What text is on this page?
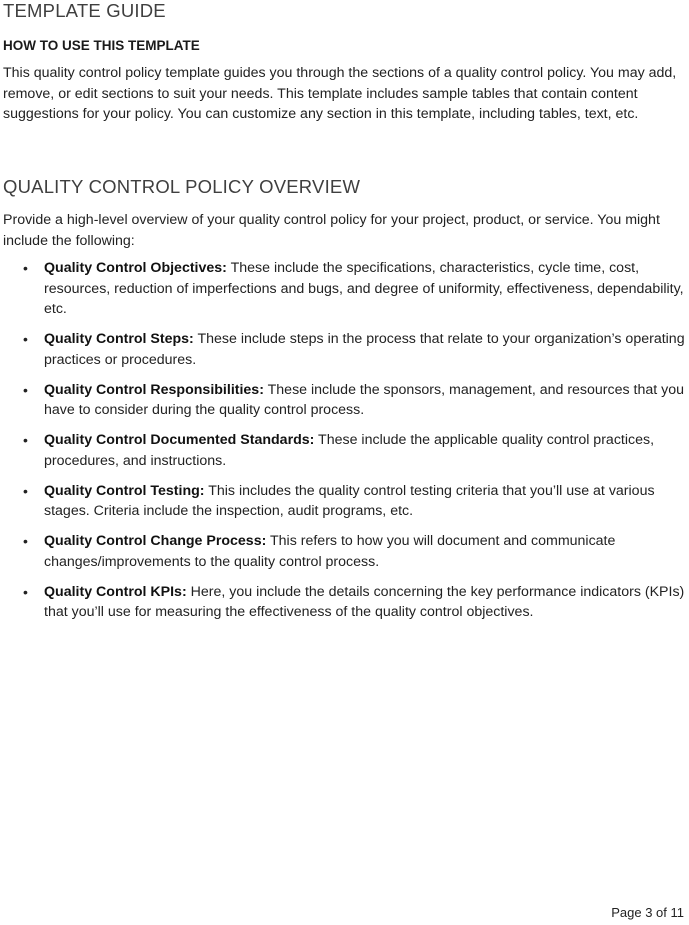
TEMPLATE GUIDE
HOW TO USE THIS TEMPLATE
This quality control policy template guides you through the sections of a quality control policy. You may add, remove, or edit sections to suit your needs. This template includes sample tables that contain content suggestions for your policy. You can customize any section in this template, including tables, text, etc.
QUALITY CONTROL POLICY OVERVIEW
Provide a high-level overview of your quality control policy for your project, product, or service. You might include the following:
• Quality Control Objectives: These include the specifications, characteristics, cycle time, cost, resources, reduction of imperfections and bugs, and degree of uniformity, effectiveness, dependability, etc.
• Quality Control Steps: These include steps in the process that relate to your organization’s operating practices or procedures.
• Quality Control Responsibilities: These include the sponsors, management, and resources that you have to consider during the quality control process.
• Quality Control Documented Standards: These include the applicable quality control practices, procedures, and instructions.
• Quality Control Testing: This includes the quality control testing criteria that you’ll use at various stages. Criteria include the inspection, audit programs, etc.
• Quality Control Change Process: This refers to how you will document and communicate changes/improvements to the quality control process.
• Quality Control KPIs: Here, you include the details concerning the key performance indicators (KPIs) that you’ll use for measuring the effectiveness of the quality control objectives.
Page 3 of 11
